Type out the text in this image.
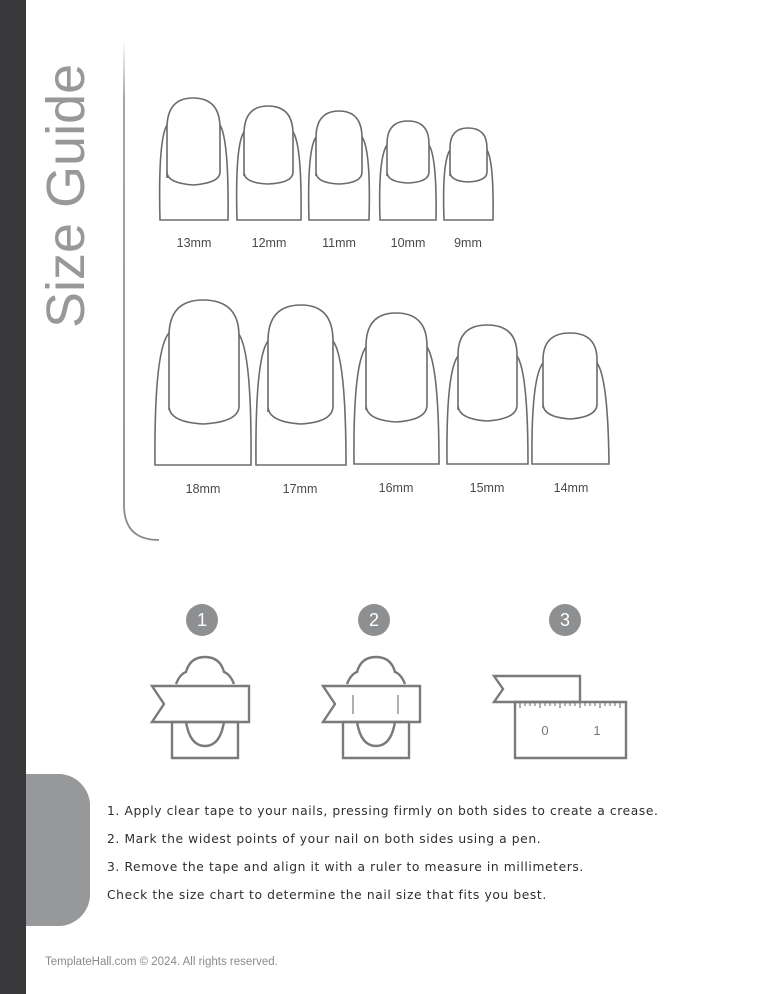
Size Guide	13mm	12mm	11mm	10mm 9mm
18mm	17mm	16mm	15mm	14mm
1	2	3
0	1
1. Apply clear tape to your nails, pressing firmly on both sides to create a crease.
2. Mark the widest points of your nail on both sides using a pen.
3. Remove the tape and align it with a ruler to measure in millimeters.
Check the size chart to determine the nail size that fits you best.
TemplateHall.com © 2024. All rights reserved.
